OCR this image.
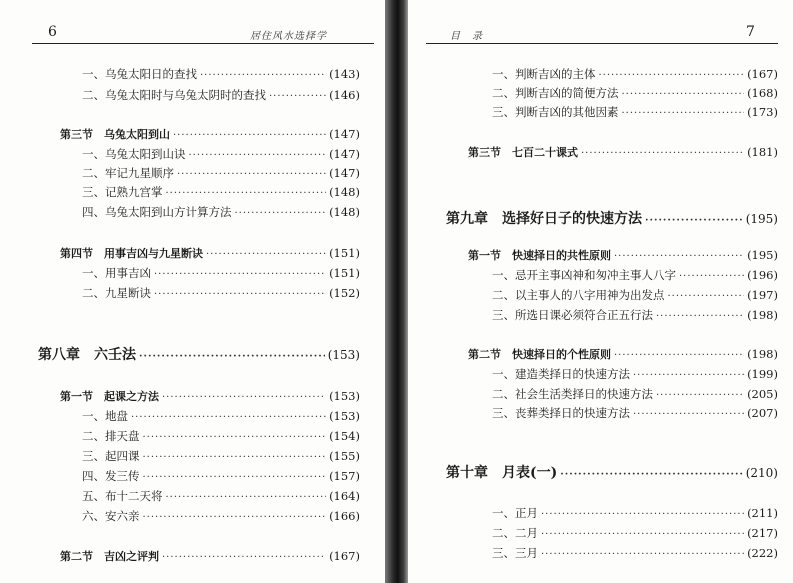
6	居住风水选择学
一、乌兔太阳日的查找 ·····	(143)
二、乌兔太阳时与乌兔太阴时的查找 ·····	(146)
第三节　乌兔太阳到山 ·····	(147)
一、乌兔太阳到山诀 ·····	(147)
二、牢记九星顺序 ·····	(147)
三、记熟九宫掌 ·····	(148)
四、乌兔太阳到山方计算方法 ·····	(148)
第四节　用事吉凶与九星断诀 ·····	(151)
一、用事吉凶 ·····	(151)
二、九星断诀 ·····	(152)
第八章　六壬法 ·····	(153)
第一节　起课之方法 ·····	(153)
一、地盘 ·····	(153)
二、排天盘 ·····	(154)
三、起四课 ·····	(155)
四、发三传 ·····	(157)
五、布十二天将 ·····	(164)
六、安六亲 ·····	(166)
第二节　吉凶之评判 ·····	(167)
目　录	7
一、判断吉凶的主体 ·····	(167)
二、判断吉凶的简便方法 ·····	(168)
三、判断吉凶的其他因素 ·····	(173)
第三节　七百二十课式 ·····	(181)
第九章　选择好日子的快速方法 ·····	(195)
第一节　快速择日的共性原则 ·····	(195)
一、忌开主事凶神和匆冲主事人八字 ·····	(196)
二、以主事人的八字用神为出发点 ·····	(197)
三、所选日课必须符合正五行法 ·····	(198)
第二节　快速择日的个性原则 ·····	(198)
一、建造类择日的快速方法 ·····	(199)
二、社会生活类择日的快速方法 ·····	(205)
三、丧葬类择日的快速方法 ·····	(207)
第十章　月表(一) ·····	(210)
一、正月 ·····	(211)
二、二月 ·····	(217)
三、三月 ·····	(222)
